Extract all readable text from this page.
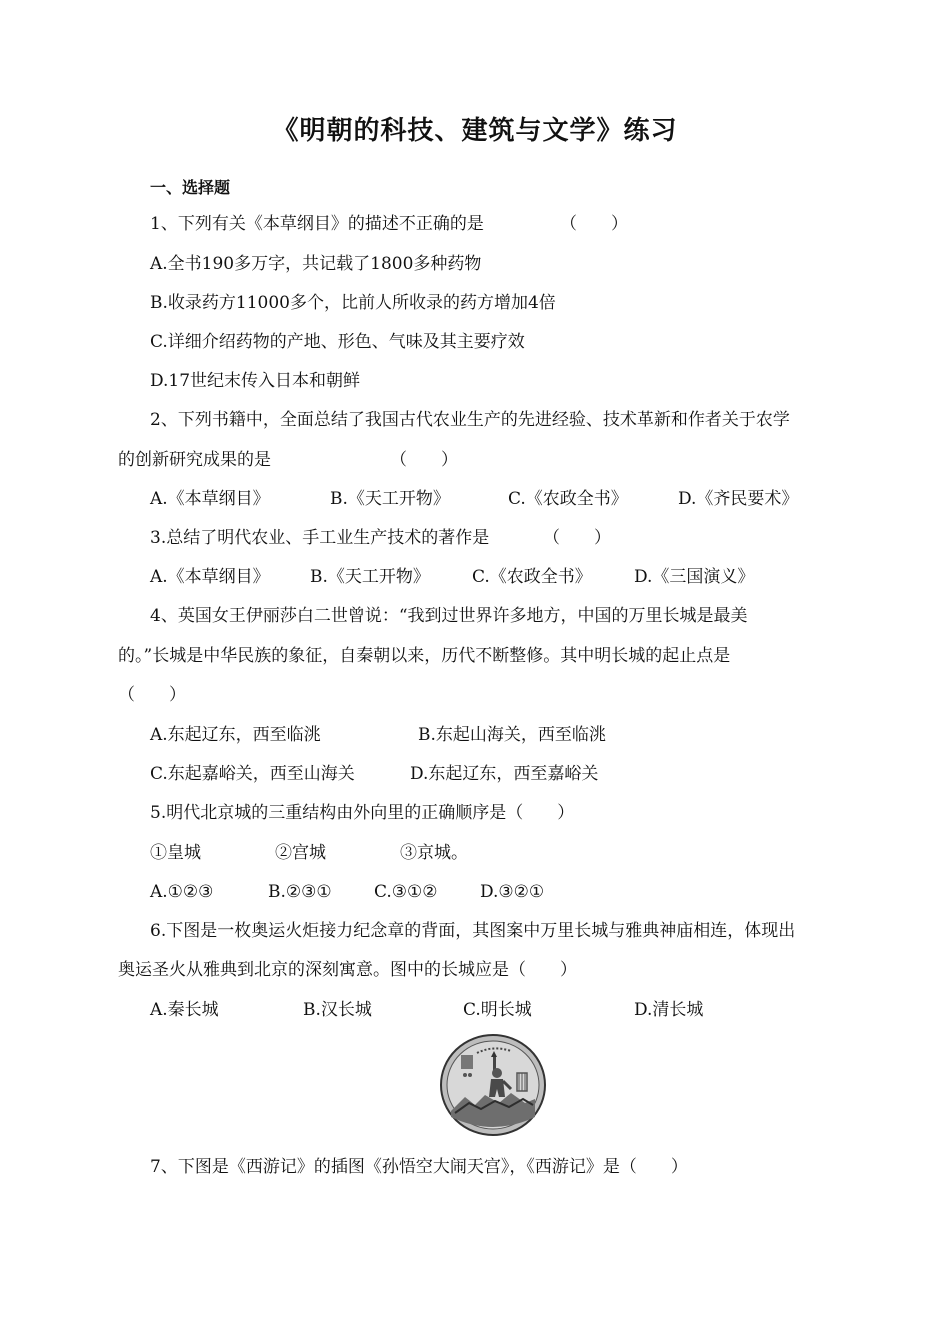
《明朝的科技、建筑与文学》练习
一、选择题
1、下列有关《本草纲目》的描述不正确的是	（　　）
A.全书190多万字，共记载了1800多种药物
B.收录药方11000多个，比前人所收录的药方增加4倍
C.详细介绍药物的产地、形色、气味及其主要疗效
D.17世纪末传入日本和朝鲜
2、下列书籍中，全面总结了我国古代农业生产的先进经验、技术革新和作者关于农学
的创新研究成果的是	（　　）
A.《本草纲目》	B.《天工开物》	C.《农政全书》	D.《齐民要术》
3.总结了明代农业、手工业生产技术的著作是	（　　）
A.《本草纲目》 B.《天工开物》 C.《农政全书》 D.《三国演义》
4、英国女王伊丽莎白二世曾说：“我到过世界许多地方，中国的万里长城是最美
的。”长城是中华民族的象征，自秦朝以来，历代不断整修。其中明长城的起止点是
（　　）
A.东起辽东，西至临洮	B.东起山海关，西至临洮
C.东起嘉峪关，西至山海关	D.东起辽东，西至嘉峪关
5.明代北京城的三重结构由外向里的正确顺序是（　　）
①皇城	②宫城	③京城。
A.①②③	B.②③① C.③①② D.③②①
6.下图是一枚奥运火炬接力纪念章的背面，其图案中万里长城与雅典神庙相连，体现出
奥运圣火从雅典到北京的深刻寓意。图中的长城应是（　　）
A.秦长城	B.汉长城	C.明长城	D.清长城
7、下图是《西游记》的插图《孙悟空大闹天宫》，《西游记》是（　　）
